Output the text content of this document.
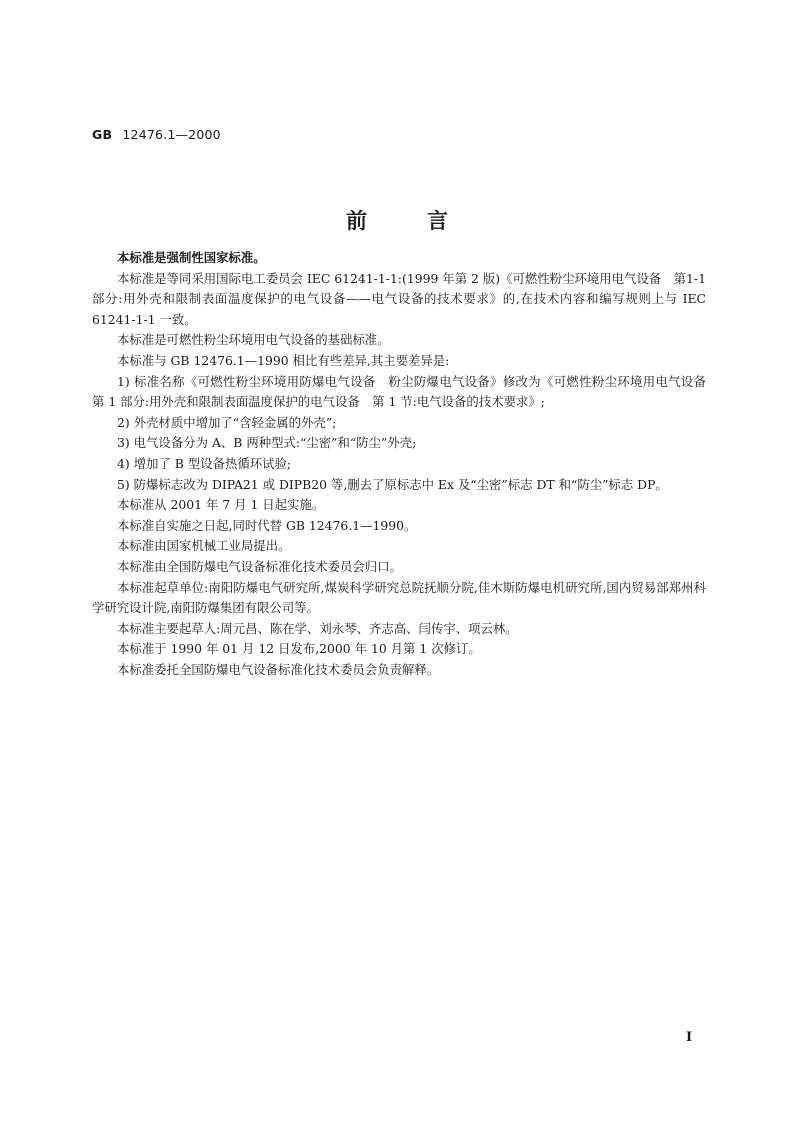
GB 12476.1—2000
前言

本标准是强制性国家标准。

本标准是等同采用国际电工委员会 IEC 61241-1-1:(1999 年第 2 版)《可燃性粉尘环境用电气设备　第1-1 部分:用外壳和限制表面温度保护的电气设备——电气设备的技术要求》的,在技术内容和编写规则上与 IEC 61241-1-1 一致。

本标准是可燃性粉尘环境用电气设备的基础标准。

本标准与 GB 12476.1—1990 相比有些差异,其主要差异是:

1) 标准名称《可燃性粉尘环境用防爆电气设备　粉尘防爆电气设备》修改为《可燃性粉尘环境用电气设备　第 1 部分:用外壳和限制表面温度保护的电气设备　第 1 节:电气设备的技术要求》;

2) 外壳材质中增加了“含轻金属的外壳”;

3) 电气设备分为 A、B 两种型式:“尘密”和“防尘”外壳;

4) 增加了 B 型设备热循环试验;

5) 防爆标志改为 DIPA21 或 DIPB20 等,删去了原标志中 Ex 及“尘密”标志 DT 和“防尘”标志 DP。

本标准从 2001 年 7 月 1 日起实施。

本标准自实施之日起,同时代替 GB 12476.1—1990。

本标准由国家机械工业局提出。

本标准由全国防爆电气设备标准化技术委员会归口。

本标准起草单位:南阳防爆电气研究所,煤炭科学研究总院抚顺分院,佳木斯防爆电机研究所,国内贸易部郑州科学研究设计院,南阳防爆集团有限公司等。

本标准主要起草人:周元昌、陈在学、刘永琴、齐志高、闫传宇、项云林。

本标准于 1990 年 01 月 12 日发布,2000 年 10 月第 1 次修订。

本标准委托全国防爆电气设备标准化技术委员会负责解释。

I
